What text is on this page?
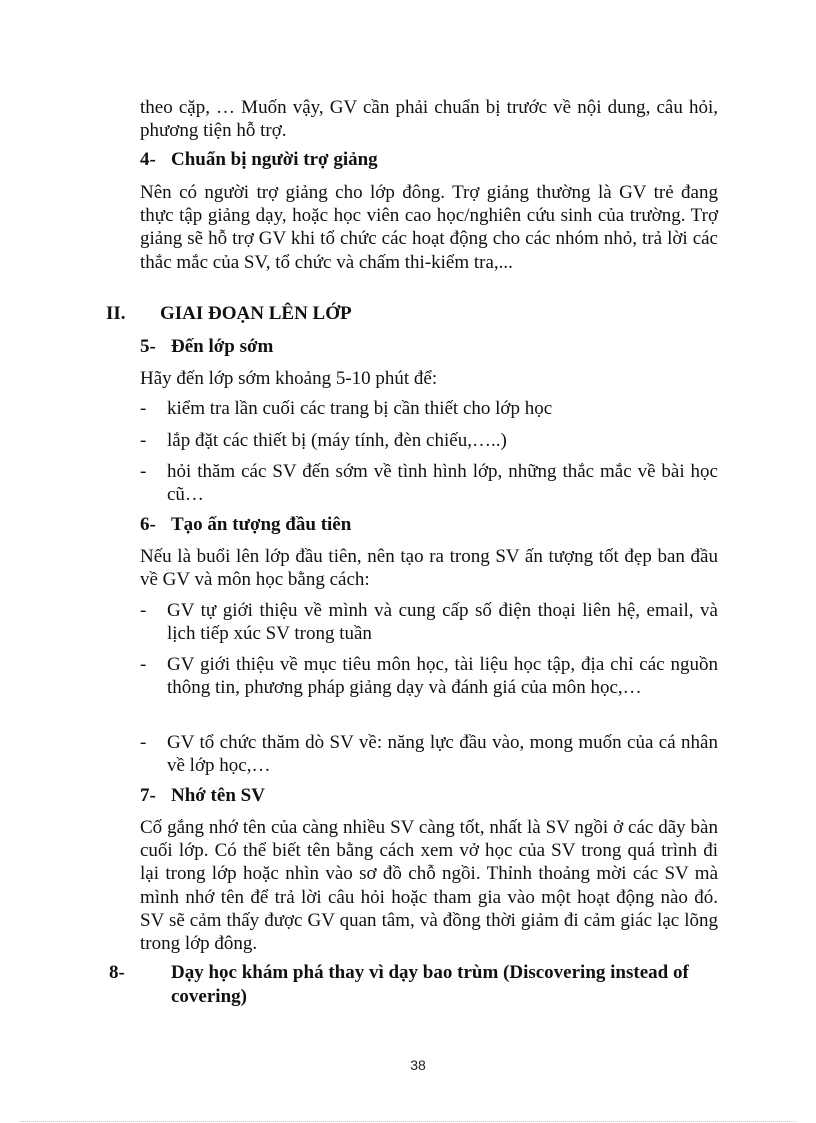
theo cặp, … Muốn vậy, GV cần phải chuẩn bị trước về nội dung, câu hỏi, phương tiện hỗ trợ.

4- Chuẩn bị người trợ giảng

Nên có người trợ giảng cho lớp đông. Trợ giảng thường là GV trẻ đang thực tập giảng dạy, hoặc học viên cao học/nghiên cứu sinh của trường. Trợ giảng sẽ hỗ trợ GV khi tổ chức các hoạt động cho các nhóm nhỏ, trả lời các thắc mắc của SV, tổ chức và chấm thi-kiểm tra,...

II. GIAI ĐOẠN LÊN LỚP

5- Đến lớp sớm

Hãy đến lớp sớm khoảng 5-10 phút để:

- kiểm tra lần cuối các trang bị cần thiết cho lớp học

- lắp đặt các thiết bị (máy tính, đèn chiếu,…..)

- hỏi thăm các SV đến sớm về tình hình lớp, những thắc mắc về bài học cũ…

6- Tạo ấn tượng đầu tiên

Nếu là buổi lên lớp đầu tiên, nên tạo ra trong SV ấn tượng tốt đẹp ban đầu về GV và môn học bằng cách:

- GV tự giới thiệu về mình và cung cấp số điện thoại liên hệ, email, và lịch tiếp xúc SV trong tuần

- GV giới thiệu về mục tiêu môn học, tài liệu học tập, địa chỉ các nguồn thông tin, phương pháp giảng dạy và đánh giá của môn học,…

- GV tổ chức thăm dò SV về: năng lực đầu vào, mong muốn của cá nhân về lớp học,…

7- Nhớ tên SV

Cố gắng nhớ tên của càng nhiều SV càng tốt, nhất là SV ngồi ở các dãy bàn cuối lớp. Có thể biết tên bằng cách xem vở học của SV trong quá trình đi lại trong lớp hoặc nhìn vào sơ đồ chỗ ngồi. Thỉnh thoảng mời các SV mà mình nhớ tên để trả lời câu hỏi hoặc tham gia vào một hoạt động nào đó. SV sẽ cảm thấy được GV quan tâm, và đồng thời giảm đi cảm giác lạc lõng trong lớp đông.

8- Dạy học khám phá thay vì dạy bao trùm (Discovering instead of covering)

38
